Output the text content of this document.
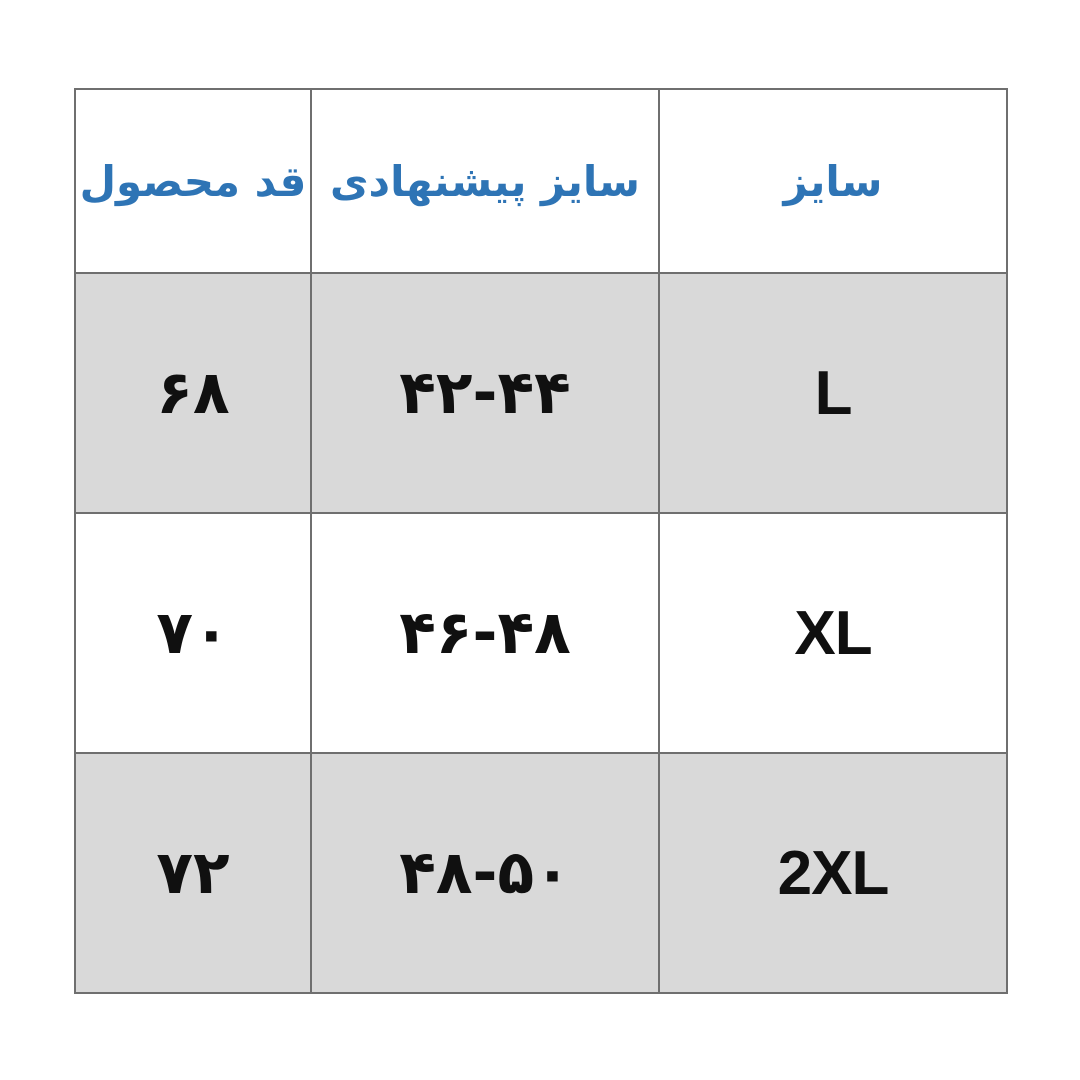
سایز	سایز پیشنهادی	قد محصول
L	۴۲-۴۴	۶۸
XL	۴۶-۴۸	۷۰
2XL	۴۸-۵۰	۷۲
